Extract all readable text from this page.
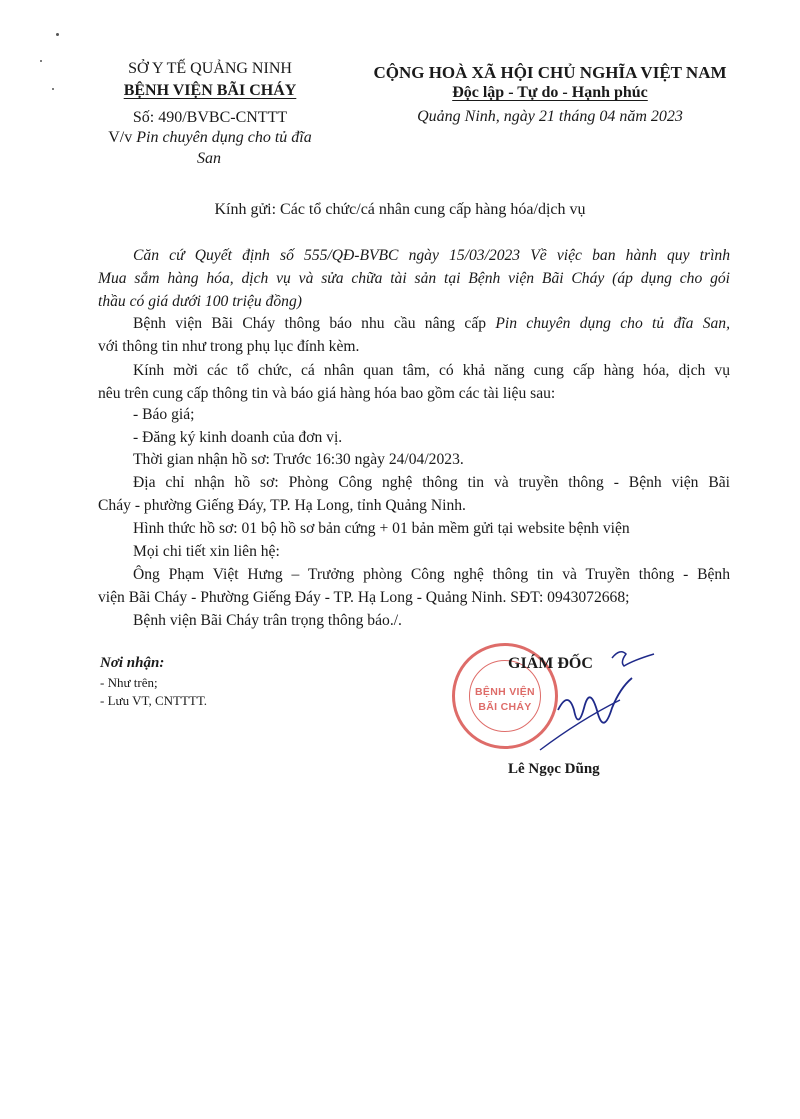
SỞ Y TẾ QUẢNG NINH
BỆNH VIỆN BÃI CHÁY
Số: 490/BVBC-CNTTT
V/v Pin chuyên dụng cho tủ đĩa
San
CỘNG HOÀ XÃ HỘI CHỦ NGHĨA VIỆT NAM
Độc lập - Tự do - Hạnh phúc
Quảng Ninh, ngày 21 tháng 04 năm 2023
Kính gửi: Các tổ chức/cá nhân cung cấp hàng hóa/dịch vụ
Căn cứ Quyết định số 555/QĐ-BVBC ngày 15/03/2023 Về việc ban hành quy trình
Mua sắm hàng hóa, dịch vụ và sửa chữa tài sản tại Bệnh viện Bãi Cháy (áp dụng cho gói
thầu có giá dưới 100 triệu đồng)
Bệnh viện Bãi Cháy thông báo nhu cầu nâng cấp Pin chuyên dụng cho tủ đĩa San,
với thông tin như trong phụ lục đính kèm.
Kính mời các tổ chức, cá nhân quan tâm, có khả năng cung cấp hàng hóa, dịch vụ
nêu trên cung cấp thông tin và báo giá hàng hóa bao gồm các tài liệu sau:
- Báo giá;
- Đăng ký kinh doanh của đơn vị.
Thời gian nhận hồ sơ: Trước 16:30 ngày 24/04/2023.
Địa chỉ nhận hồ sơ: Phòng Công nghệ thông tin và truyền thông - Bệnh viện Bãi
Cháy - phường Giếng Đáy, TP. Hạ Long, tỉnh Quảng Ninh.
Hình thức hồ sơ: 01 bộ hồ sơ bản cứng + 01 bản mềm gửi tại website bệnh viện
Mọi chi tiết xin liên hệ:
Ông Phạm Việt Hưng – Trưởng phòng Công nghệ thông tin và Truyền thông - Bệnh
viện Bãi Cháy - Phường Giếng Đáy - TP. Hạ Long - Quảng Ninh. SĐT: 0943072668;
Bệnh viện Bãi Cháy trân trọng thông báo./.
Nơi nhận:
- Như trên;
- Lưu VT, CNTTTT.
BỆNH VIỆN
BÃI CHÁY
GIÁM ĐỐC
Lê Ngọc Dũng
